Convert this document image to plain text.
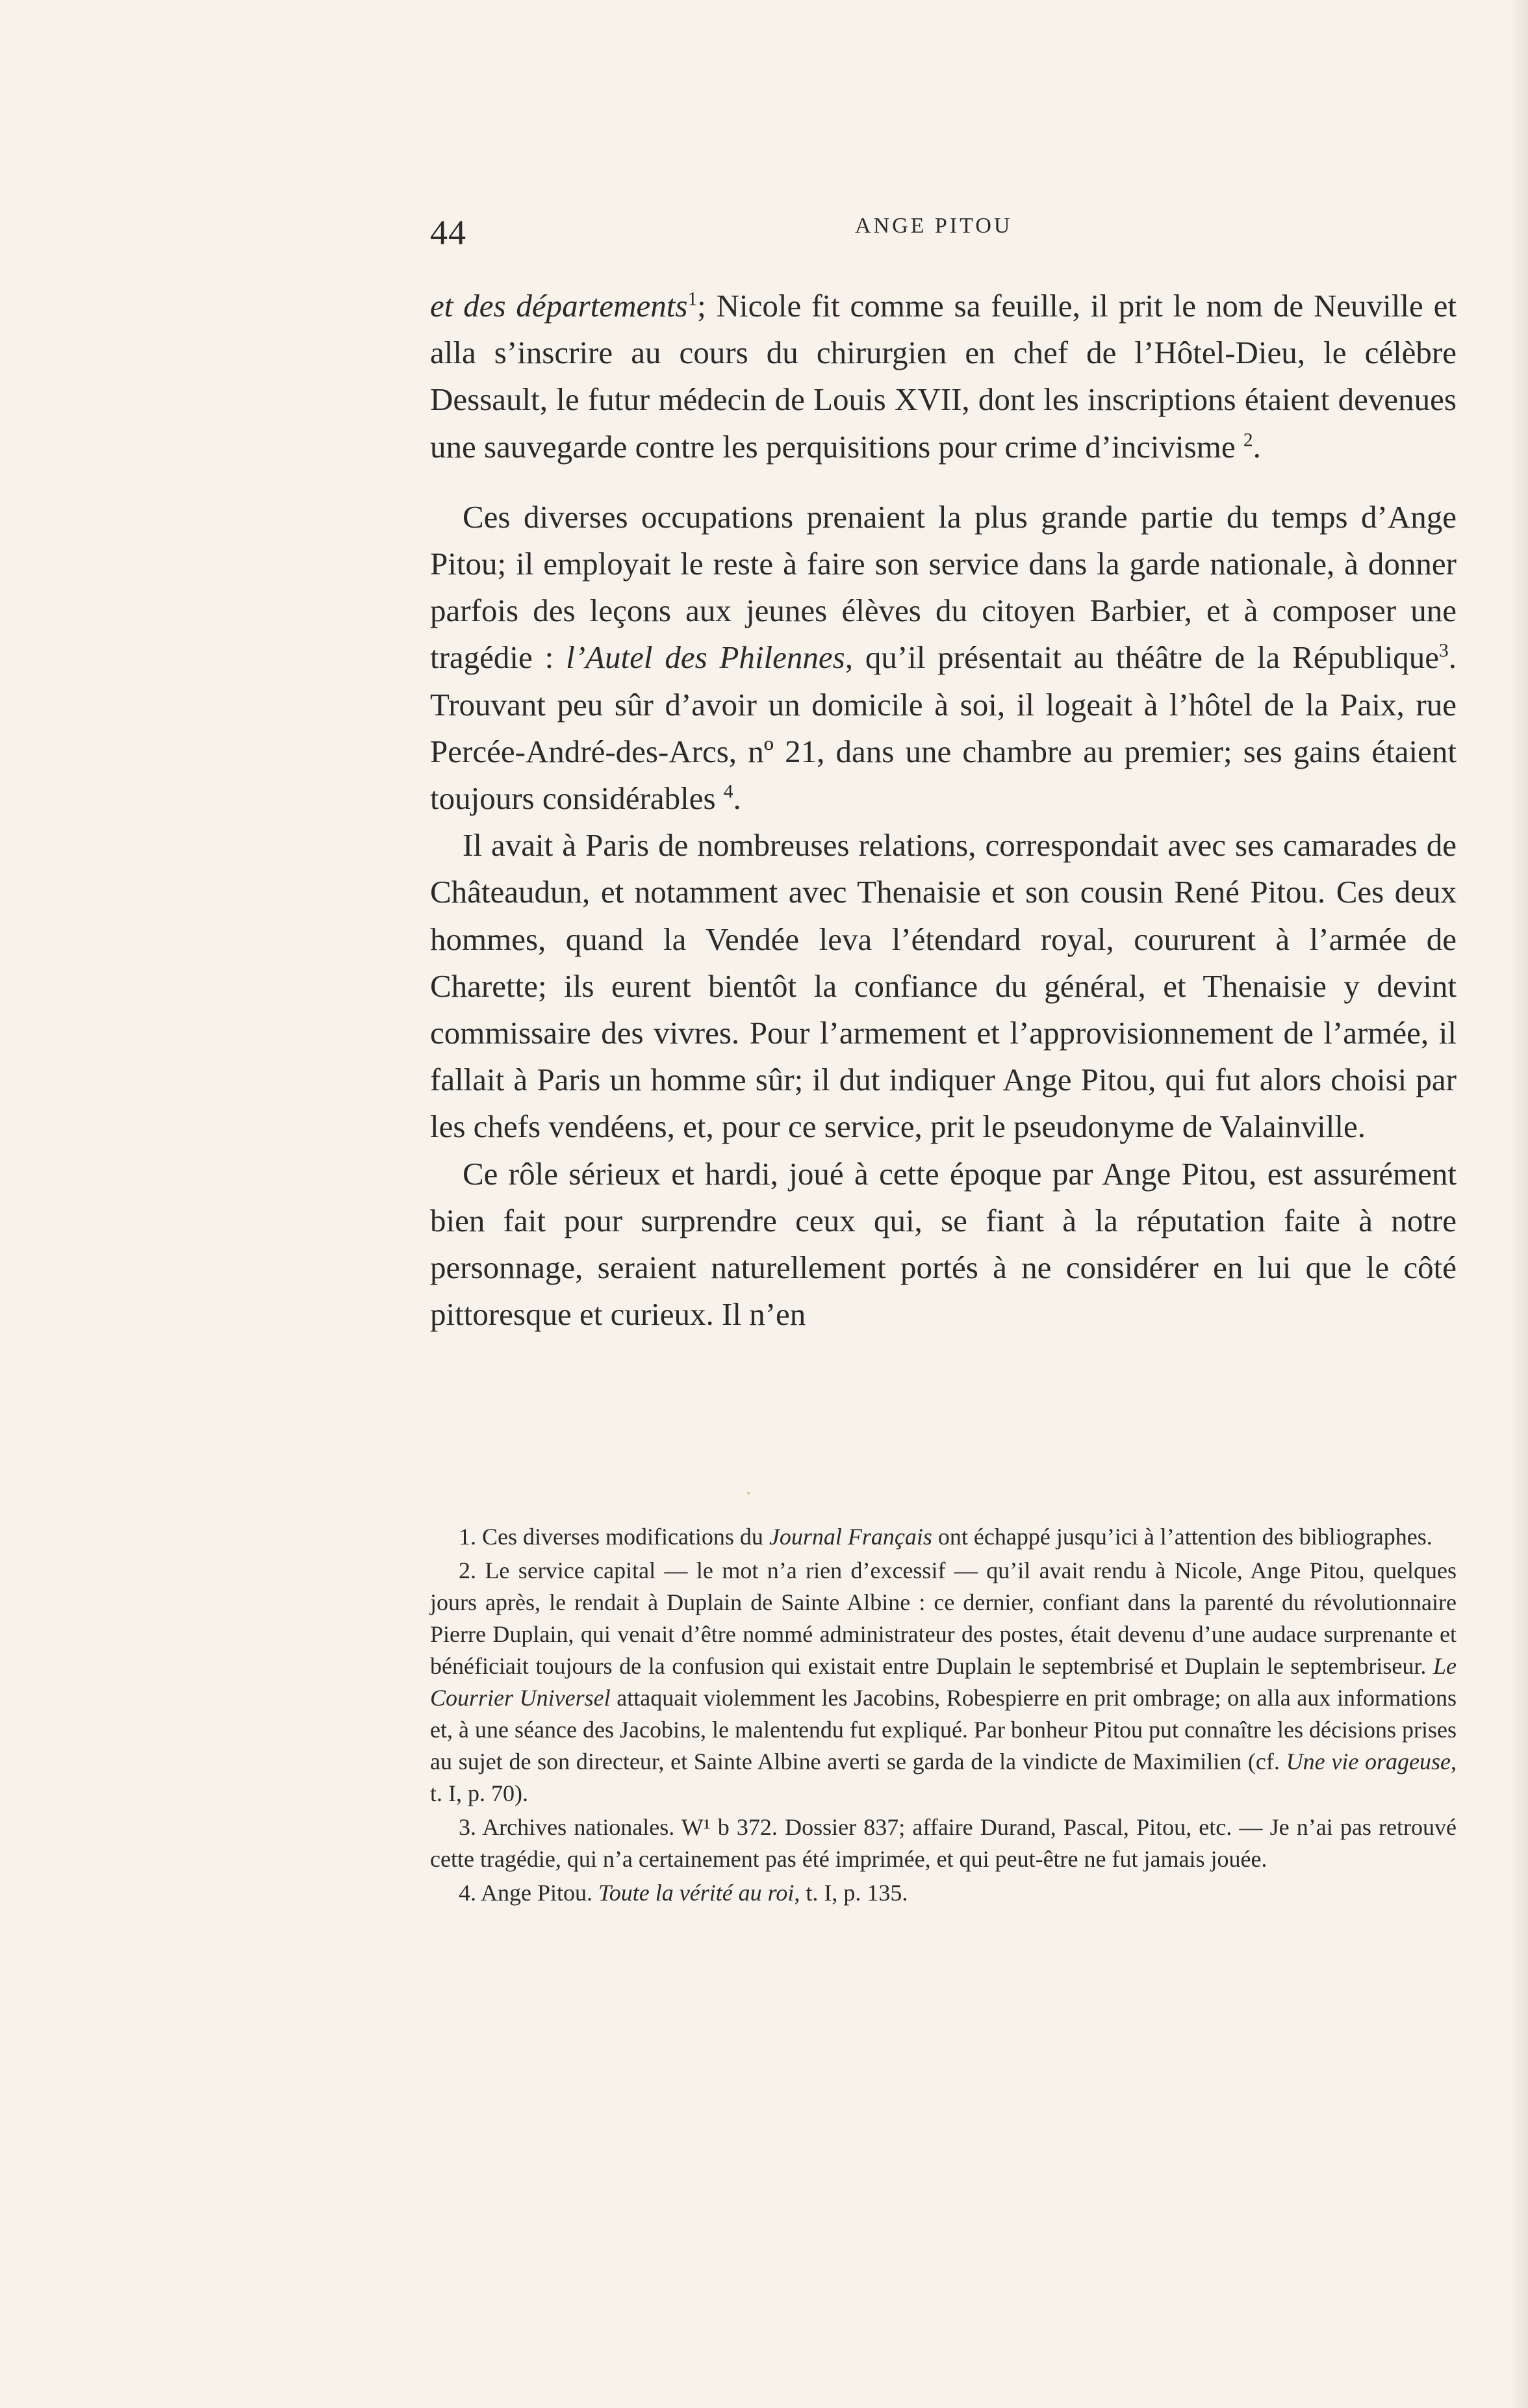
44	ANGE PITOU

et des départements$^1$; Nicole fit comme sa feuille, il prit le nom de Neuville et alla s’inscrire au cours du chirurgien en chef de l’Hôtel-Dieu, le célèbre Dessault, le futur médecin de Louis XVII, dont les inscriptions étaient devenues une sauvegarde contre les perquisitions pour crime d’incivisme $^2$.

Ces diverses occupations prenaient la plus grande partie du temps d’Ange Pitou; il employait le reste à faire son service dans la garde nationale, à donner parfois des leçons aux jeunes élèves du citoyen Barbier, et à composer une tragédie : l’Autel des Philennes, qu’il présentait au théâtre de la République$^3$. Trouvant peu sûr d’avoir un domicile à soi, il logeait à l’hôtel de la Paix, rue Percée-André-des-Arcs, nº 21, dans une chambre au premier; ses gains étaient toujours considérables $^4$.

Il avait à Paris de nombreuses relations, correspondait avec ses camarades de Châteaudun, et notamment avec Thenaisie et son cousin René Pitou. Ces deux hommes, quand la Vendée leva l’étendard royal, coururent à l’armée de Charette; ils eurent bientôt la confiance du général, et Thenaisie y devint commissaire des vivres. Pour l’armement et l’approvisionnement de l’armée, il fallait à Paris un homme sûr; il dut indiquer Ange Pitou, qui fut alors choisi par les chefs vendéens, et, pour ce service, prit le pseudonyme de Valainville.

Ce rôle sérieux et hardi, joué à cette époque par Ange Pitou, est assurément bien fait pour surprendre ceux qui, se fiant à la réputation faite à notre personnage, seraient naturellement portés à ne considérer en lui que le côté pittoresque et curieux. Il n’en

1. Ces diverses modifications du Journal Français ont échappé jusqu’ici à l’attention des bibliographes.

2. Le service capital — le mot n’a rien d’excessif — qu’il avait rendu à Nicole, Ange Pitou, quelques jours après, le rendait à Duplain de Sainte Albine : ce dernier, confiant dans la parenté du révolutionnaire Pierre Duplain, qui venait d’être nommé administrateur des postes, était devenu d’une audace surprenante et bénéficiait toujours de la confusion qui existait entre Duplain le septembrisé et Duplain le septembriseur. Le Courrier Universel attaquait violemment les Jacobins, Robespierre en prit ombrage; on alla aux informations et, à une séance des Jacobins, le malentendu fut expliqué. Par bonheur Pitou put connaître les décisions prises au sujet de son directeur, et Sainte Albine averti se garda de la vindicte de Maximilien (cf. Une vie orageuse, t. I, p. 70).

3. Archives nationales. W¹ b 372. Dossier 837; affaire Durand, Pascal, Pitou, etc. — Je n’ai pas retrouvé cette tragédie, qui n’a certainement pas été imprimée, et qui peut-être ne fut jamais jouée.

4. Ange Pitou. Toute la vérité au roi, t. I, p. 135.
